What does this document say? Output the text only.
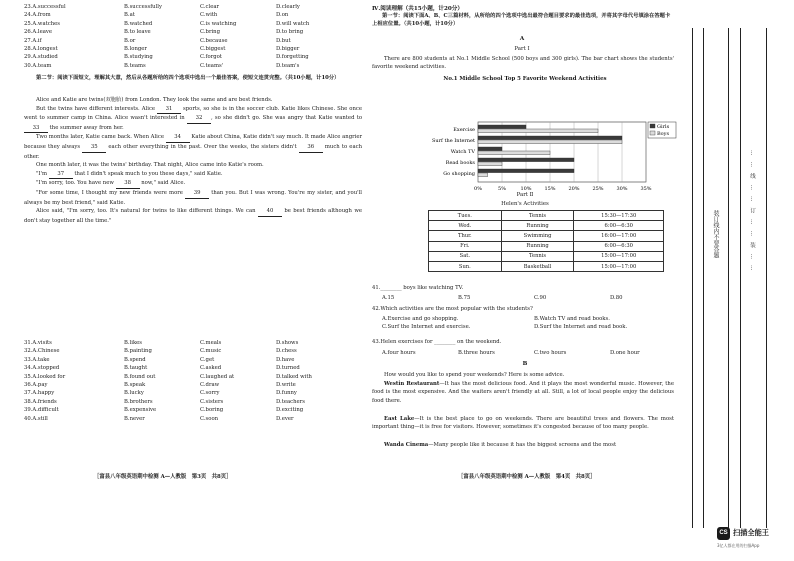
23.A.successful	B.successfully	C.clear	D.clearly
24.A.from	B.at	C.with	D.on
25.A.watches	B.watched	C.is watching	D.will watch
26.A.leave	B.to leave	C.bring	D.to bring
27.A.if	B.or	C.because	D.but
28.A.longest	B.longer	C.biggest	D.bigger
29.A.studied	B.studying	C.forgot	D.forgetting
30.A.team	B.teams	C.teams'	D.team's
第二节：阅读下面短文，理解其大意，然后从各题所给的四个选项中选出一个最佳答案，使短文连贯完整。（共10小题，计10分）
Alice and Katie are twins(双胞胎) from London. They look the same and are best friends.
But the twins have different interests. Alice 31 sports, so she is in the soccer club. Katie likes Chinese. She once went to summer camp in China. Alice wasn't interested in 32 , so she didn't go. She was angry that Katie wanted to 33 the summer away from her.
Two months later, Katie came back. When Alice 34 Katie about China, Katie didn't say much. It made Alice angrier because they always 35 each other everything in the past. Over the weeks, the sisters didn't 36 much to each other.
One month later, it was the twins' birthday. That night, Alice came into Katie's room.
"I'm 37 that I didn't speak much to you these days," said Katie.
"I'm sorry, too. You have new 38 now," said Alice.
"For some time, I thought my new friends were more 39 than you. But I was wrong. You're my sister, and you'll always be my best friend," said Katie.
Alice said, "I'm sorry, too. It's natural for twins to like different things. We can 40 be best friends although we don't stay together all the time."
31.A.visits	B.likes	C.meals	D.shows
32.A.Chinese	B.painting	C.music	D.chess
33.A.take	B.spend	C.get	D.have
34.A.stopped	B.taught	C.asked	D.turned
35.A.looked for	B.found out	C.laughed at	D.talked with
36.A.pay	B.speak	C.draw	D.write
37.A.happy	B.lucky	C.sorry	D.funny
38.A.friends	B.brothers	C.sisters	D.teachers
39.A.difficult	B.expensive	C.boring	D.exciting
40.A.still	B.never	C.soon	D.ever
［富县八年级英语期中检测 A—人教版　第3页　共8页］
Ⅳ.阅读理解（共15小题，计20分）
第一节：阅读下面A、B、C三篇材料，从所给的四个选项中选出最符合题目要求的最佳选项，并将其字母代号填涂在答题卡上相应位置。（共10小题，计10分）
A
Part Ⅰ
There are 800 students at No.1 Middle School (500 boys and 300 girls). The bar chart shows the students' favorite weekend activities.
No.1 Middle School Top 5 Favorite Weekend Activities
0%	5%	10%	15%	20%	25%	30%	35%
Exercise
Surf the Internet
Watch TV
Read books
Go shopping
Girls
Boys
Part Ⅱ
Helen's Activities
Tues.	Tennis	15:30—17:30
Wed.	Running	6:00—6:30
Thur.	Swimming	16:00—17:00
Fri.	Running	6:00—6:30
Sat.	Tennis	15:00—17:00
Sun.	Basketball	15:00—17:00
41.________ boys like watching TV.
A.15	B.75	C.90	D.80
42.Which activities are the most popular with the students?
A.Exercise and go shopping.	B.Watch TV and read books.
C.Surf the Internet and exercise.	D.Surf the Internet and read book.
43.Helen exercises for ________ on the weekend.
A.four hours	B.three hours	C.two hours	D.one hour
B
How would you like to spend your weekends? Here is some advice.
Westin Restaurant—It has the most delicious food. And it plays the most wonderful music. However, the food is the most expensive. And the waiters aren't friendly at all. Still, a lot of local people enjoy the delicious food there.
East Lake—It is the best place to go on weekends. There are beautiful trees and flowers. The most important thing—it is free for visitors. However, sometimes it's congested because of too many people.
Wanda Cinema—Many people like it because it has the biggest screens and the most
［富县八年级英语期中检测 A—人教版　第4页　共8页］
装订线内不要答题	……线……订……装……
CS 扫描全能王
3亿人都在用的扫描App
